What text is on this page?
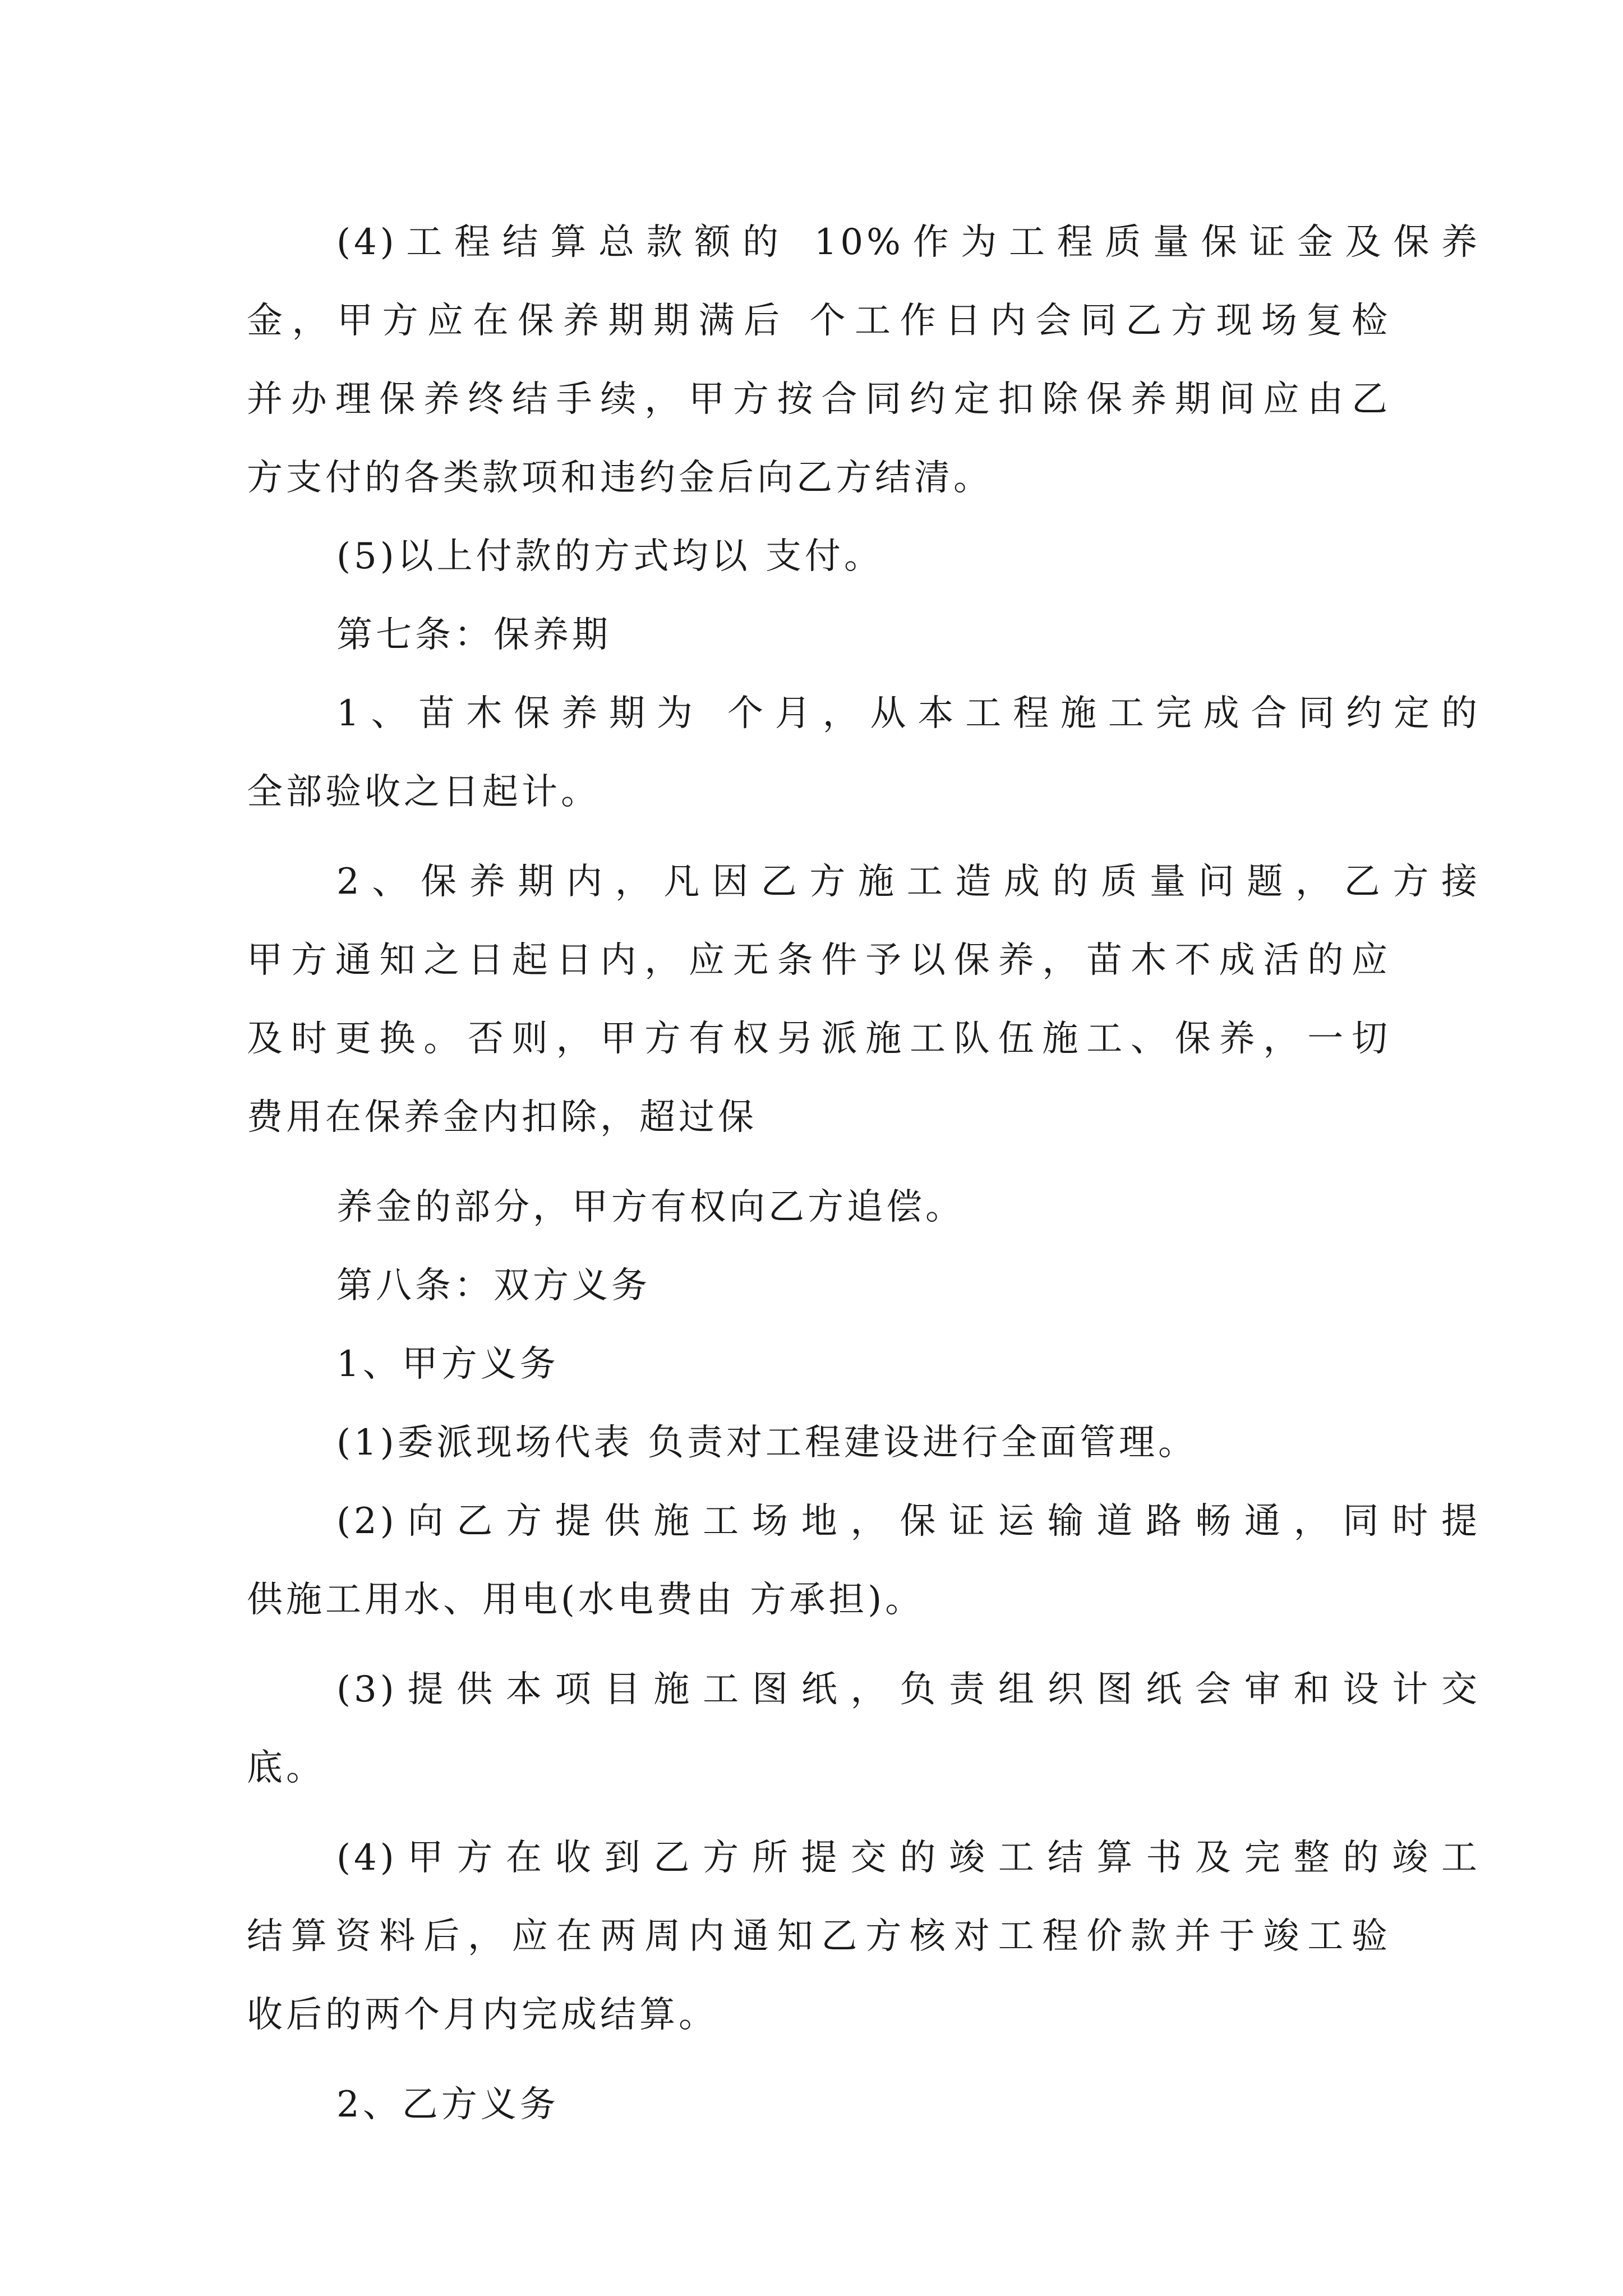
(4)工程结算总款额的 10%作为工程质量保证金及保养
金，甲方应在保养期期满后 个工作日内会同乙方现场复检
并办理保养终结手续，甲方按合同约定扣除保养期间应由乙
方支付的各类款项和违约金后向乙方结清。
(5)以上付款的方式均以 支付。
第七条：保养期
1、苗木保养期为 个月，从本工程施工完成合同约定的
全部验收之日起计。
2、保养期内，凡因乙方施工造成的质量问题，乙方接
甲方通知之日起日内，应无条件予以保养，苗木不成活的应
及时更换。否则，甲方有权另派施工队伍施工、保养，一切
费用在保养金内扣除，超过保
养金的部分，甲方有权向乙方追偿。
第八条：双方义务
1、甲方义务
(1)委派现场代表 负责对工程建设进行全面管理。
(2)向乙方提供施工场地，保证运输道路畅通，同时提
供施工用水、用电(水电费由 方承担)。
(3)提供本项目施工图纸，负责组织图纸会审和设计交
底。
(4)甲方在收到乙方所提交的竣工结算书及完整的竣工
结算资料后，应在两周内通知乙方核对工程价款并于竣工验
收后的两个月内完成结算。
2、乙方义务
